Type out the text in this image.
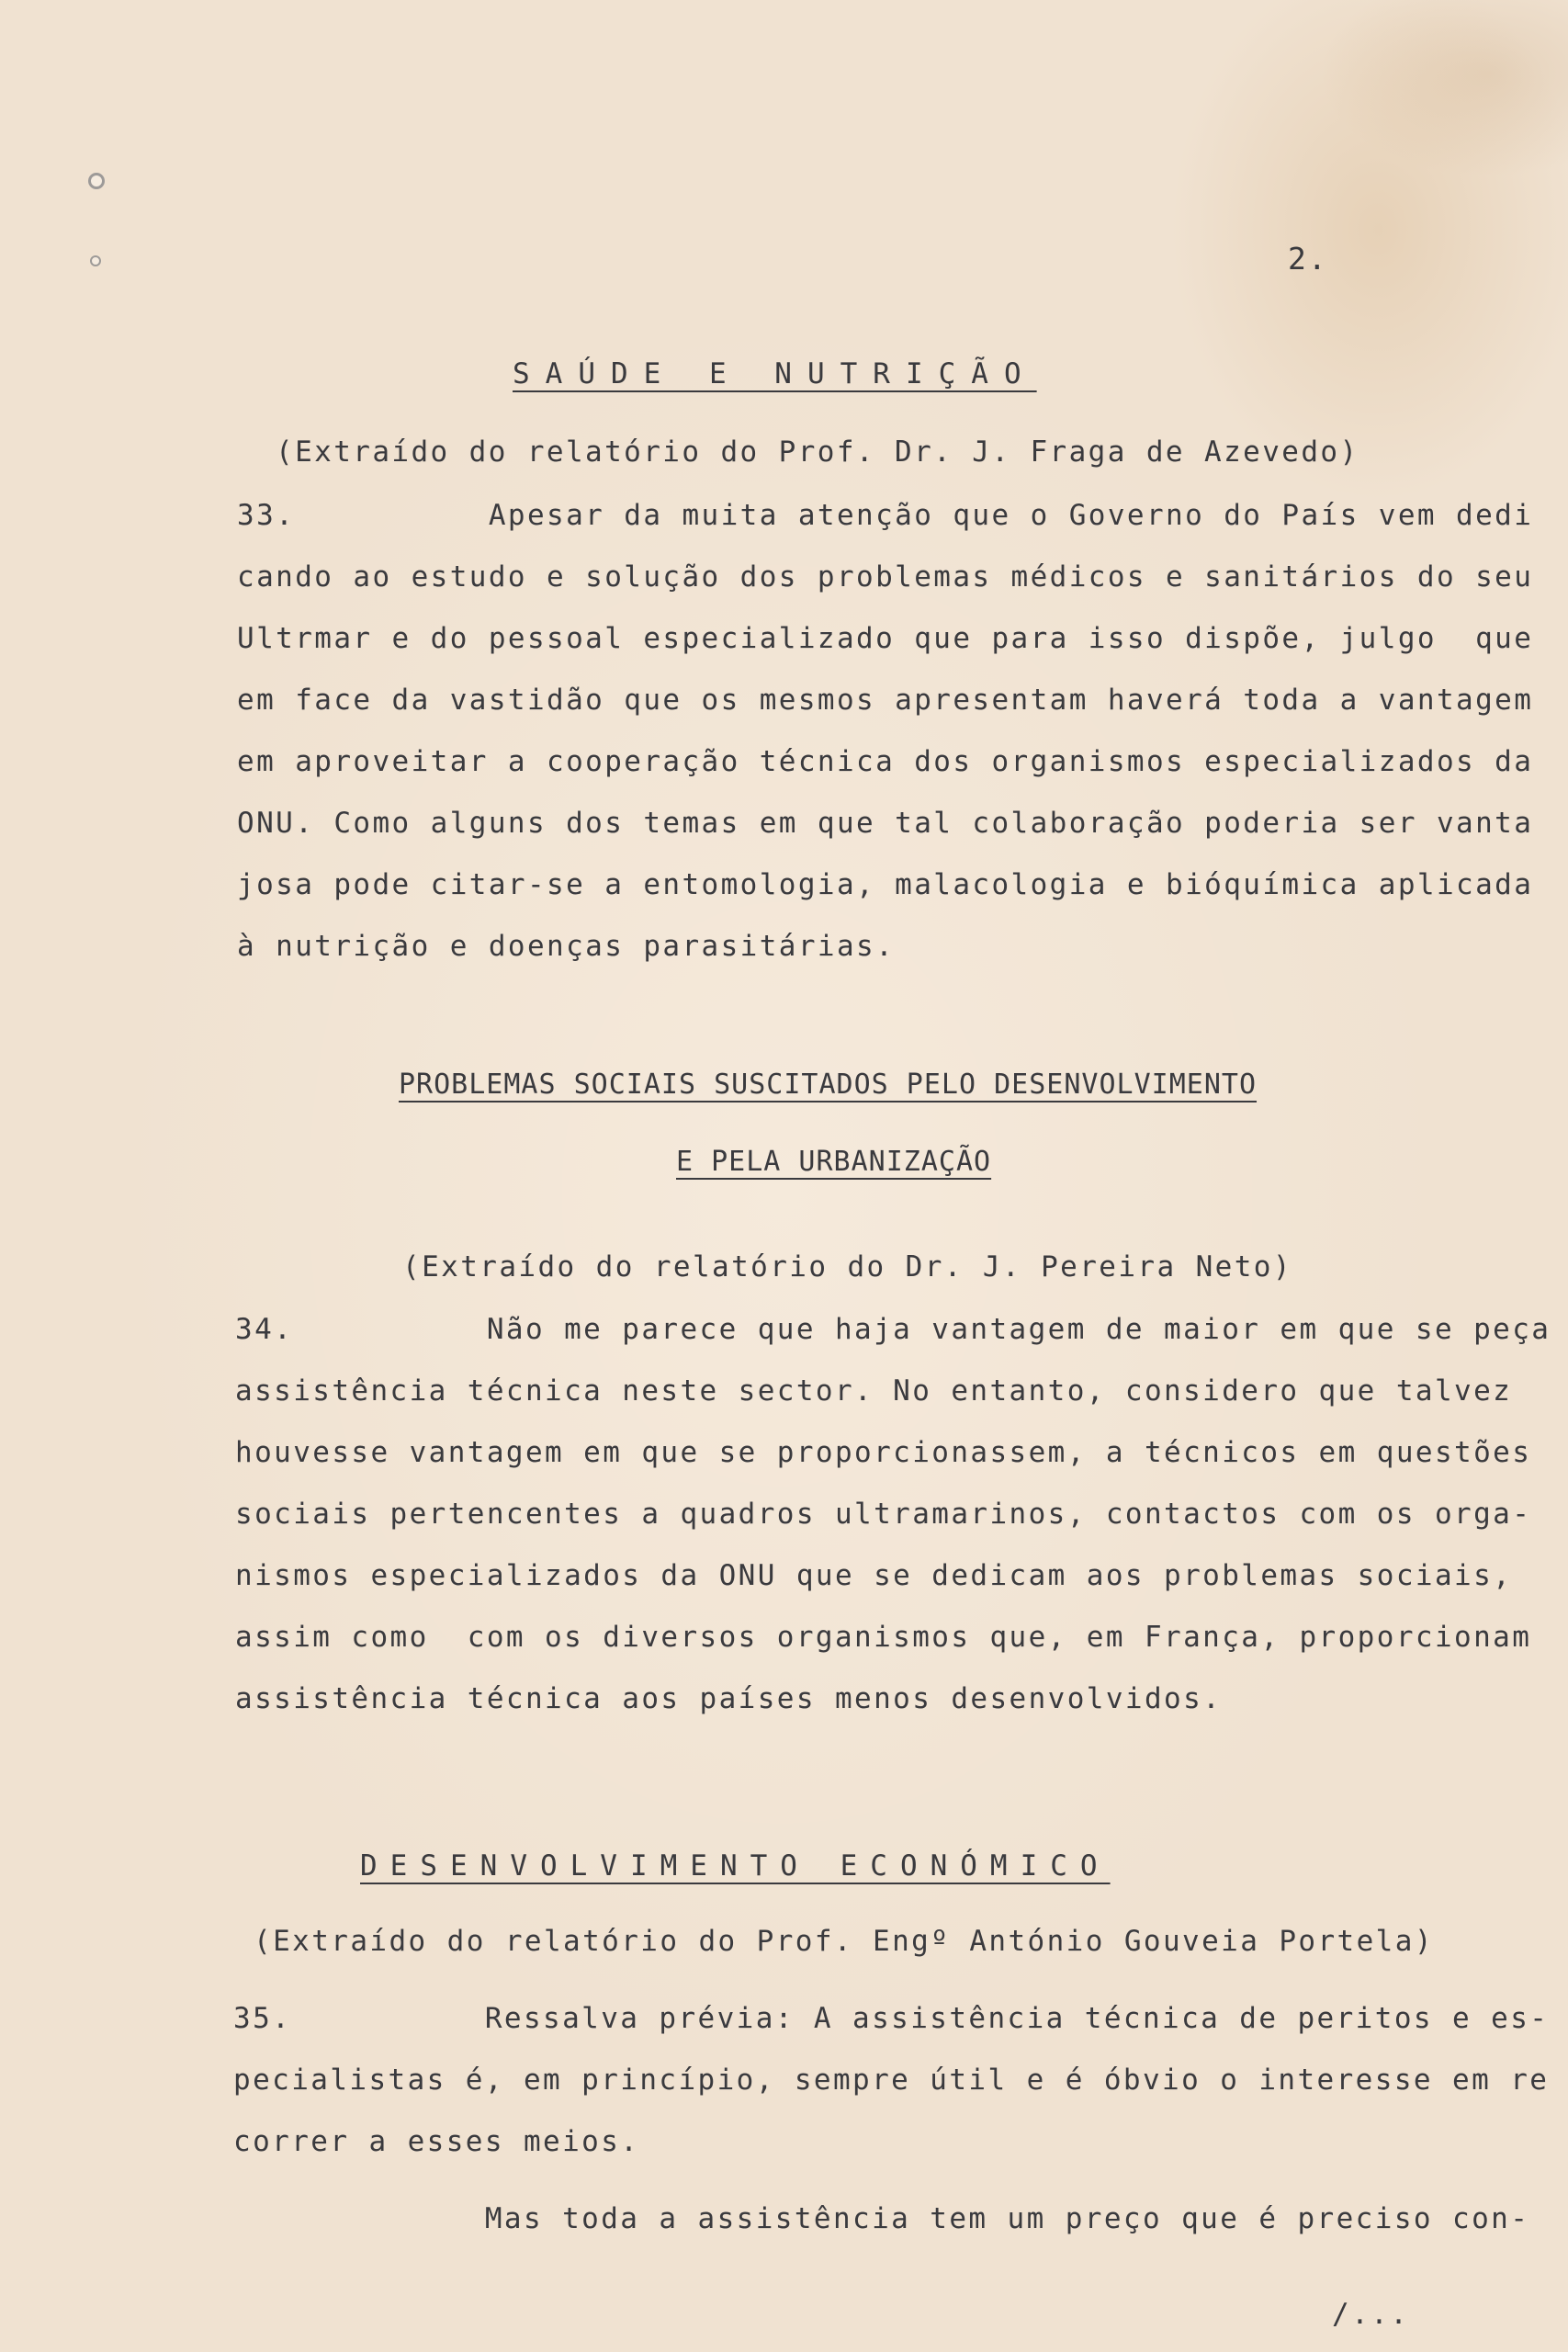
2.
SAÚDE E NUTRIÇÃO
(Extraído do relatório do Prof. Dr. J. Fraga de Azevedo)
33.          Apesar da muita atenção que o Governo do País vem dedi
cando ao estudo e solução dos problemas médicos e sanitários do seu
Ultrmar e do pessoal especializado que para isso dispõe, julgo  que
em face da vastidão que os mesmos apresentam haverá toda a vantagem
em aproveitar a cooperação técnica dos organismos especializados da
ONU. Como alguns dos temas em que tal colaboração poderia ser vanta
josa pode citar-se a entomologia, malacologia e bióquímica aplicada
à nutrição e doenças parasitárias.
PROBLEMAS SOCIAIS SUSCITADOS PELO DESENVOLVIMENTO
E PELA URBANIZAÇÃO
(Extraído do relatório do Dr. J. Pereira Neto)
34.          Não me parece que haja vantagem de maior em que se peça
assistência técnica neste sector. No entanto, considero que talvez
houvesse vantagem em que se proporcionassem, a técnicos em questões
sociais pertencentes a quadros ultramarinos, contactos com os orga-
nismos especializados da ONU que se dedicam aos problemas sociais,
assim como  com os diversos organismos que, em França, proporcionam
assistência técnica aos países menos desenvolvidos.
DESENVOLVIMENTO ECONÓMICO
(Extraído do relatório do Prof. Engº António Gouveia Portela)
35.          Ressalva prévia: A assistência técnica de peritos e es-
pecialistas é, em princípio, sempre útil e é óbvio o interesse em re
correr a esses meios.
Mas toda a assistência tem um preço que é preciso con-
/...
